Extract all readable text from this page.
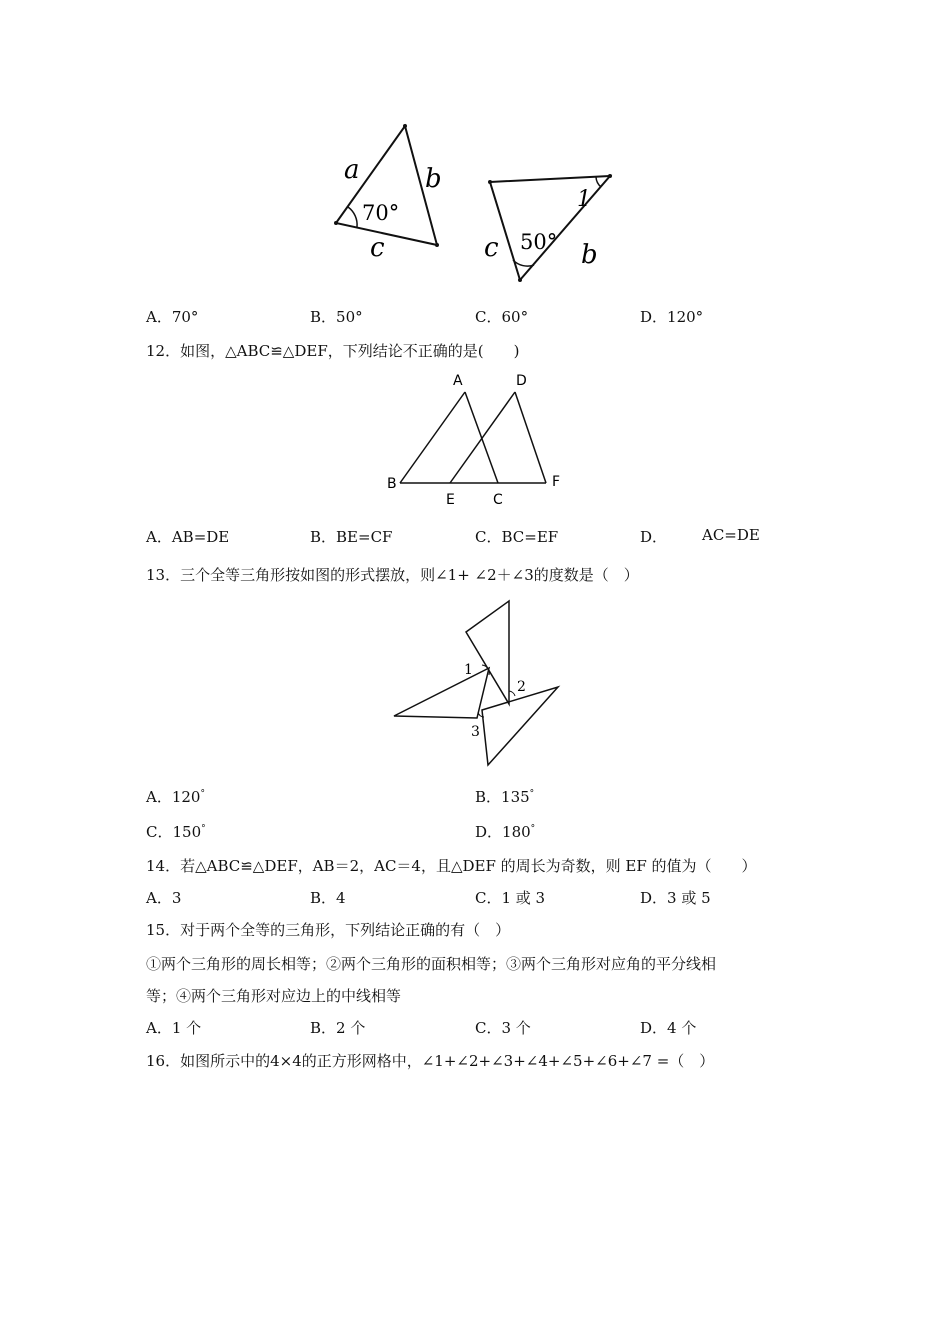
a	b
c
70°
1
c	b
50°
A．70°	B．50°	C．60°	D．120°
12．如图，△ABC≌△DEF，下列结论不正确的是(　　)
A	D
B
E	C
F
A．AB=DE	B．BE=CF	C．BC=EF	D． AC=DE
13．三个全等三角形按如图的形式摆放，则∠1+ ∠2＋∠3的度数是（　）
1
2
3
A．120°	B．135°
C．150°	D．180°
14．若△ABC≌△DEF，AB＝2，AC＝4，且△DEF 的周长为奇数，则 EF 的值为（　　）
A．3	B．4	C．1 或 3	D．3 或 5
15．对于两个全等的三角形，下列结论正确的有（　）
①两个三角形的周长相等；②两个三角形的面积相等；③两个三角形对应角的平分线相
等；④两个三角形对应边上的中线相等
A．1 个	B．2 个	C．3 个	D．4 个
16．如图所示中的4×4的正方形网格中，∠1+∠2+∠3+∠4+∠5+∠6+∠7 =（　）
